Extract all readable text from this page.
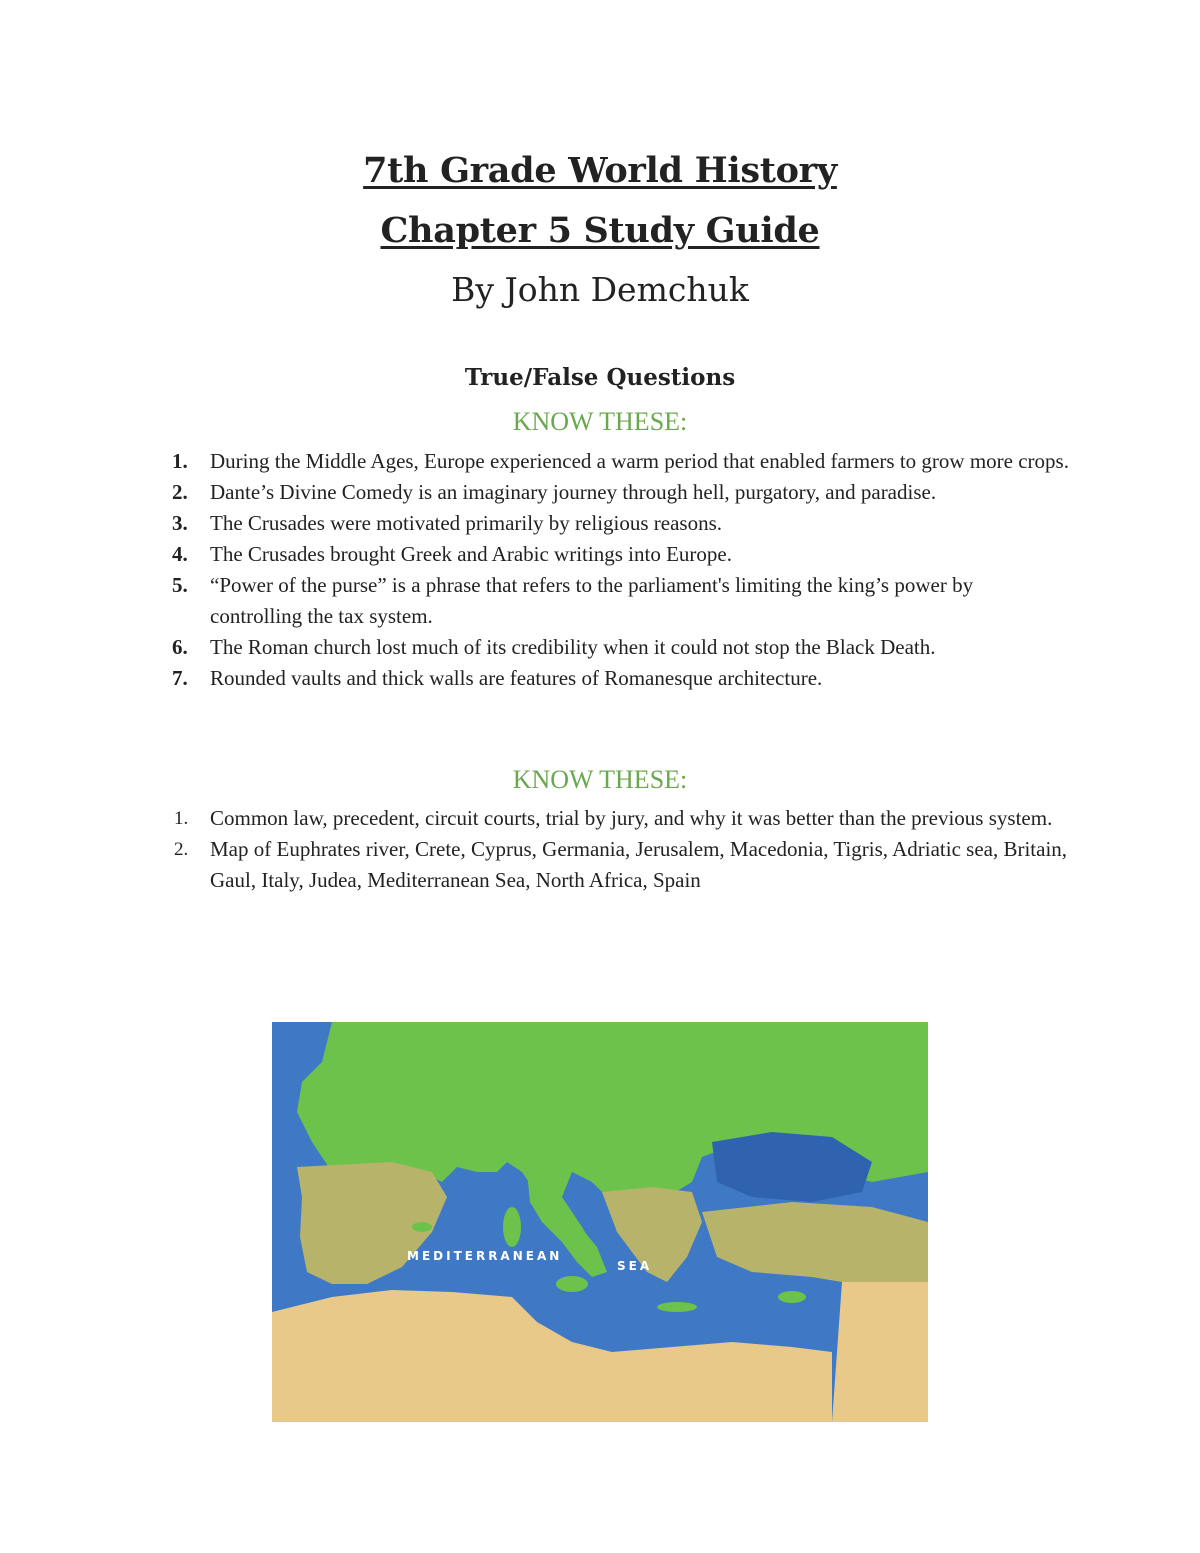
7th Grade World History
Chapter 5 Study Guide

By John Demchuk

True/False Questions

KNOW THESE:

1.	During the Middle Ages, Europe experienced a warm period that enabled farmers to grow more crops.
2.	Dante’s Divine Comedy is an imaginary journey through hell, purgatory, and paradise.
3.	The Crusades were motivated primarily by religious reasons.
4.	The Crusades brought Greek and Arabic writings into Europe.
5.	“Power of the purse” is a phrase that refers to the parliament's limiting the king’s power by controlling the tax system.
6.	The Roman church lost much of its credibility when it could not stop the Black Death.
7.	Rounded vaults and thick walls are features of Romanesque architecture.

KNOW THESE:

1.	Common law, precedent, circuit courts, trial by jury, and why it was better than the previous system.
2.	Map of Euphrates river, Crete, Cyprus, Germania, Jerusalem, Macedonia, Tigris, Adriatic sea, Britain, Gaul, Italy, Judea, Mediterranean Sea, North Africa, Spain
MEDITERRANEAN
SEA
